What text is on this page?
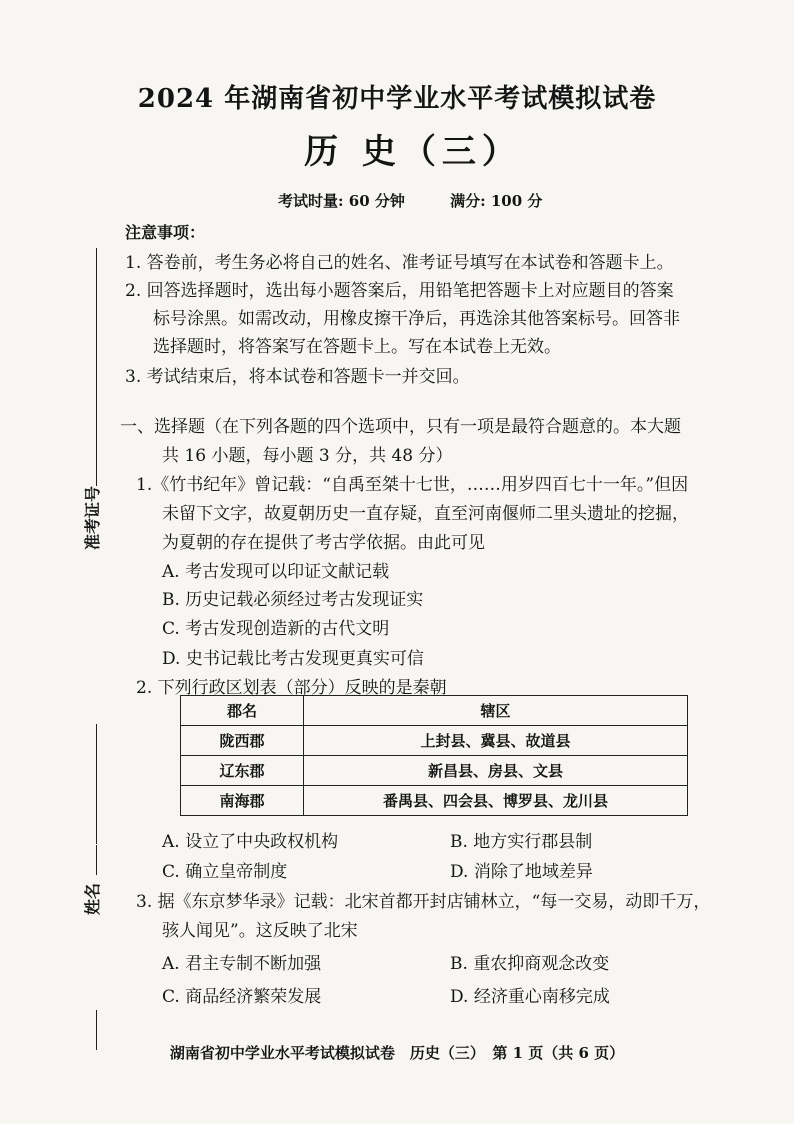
2024 年湖南省初中学业水平考试模拟试卷
历 史（三）
考试时量: 60 分钟	满分: 100 分
准考证号
姓名
注意事项：
1. 答卷前，考生务必将自己的姓名、准考证号填写在本试卷和答题卡上。
2. 回答选择题时，选出每小题答案后，用铅笔把答题卡上对应题目的答案
标号涂黑。如需改动，用橡皮擦干净后，再选涂其他答案标号。回答非
选择题时，将答案写在答题卡上。写在本试卷上无效。
3. 考试结束后，将本试卷和答题卡一并交回。
一、选择题（在下列各题的四个选项中，只有一项是最符合题意的。本大题
共 16 小题，每小题 3 分，共 48 分）
1.《竹书纪年》曾记载：“自禹至桀十七世，……用岁四百七十一年。”但因
未留下文字，故夏朝历史一直存疑，直至河南偃师二里头遗址的挖掘，
为夏朝的存在提供了考古学依据。由此可见
A. 考古发现可以印证文献记载
B. 历史记载必须经过考古发现证实
C. 考古发现创造新的古代文明
D. 史书记载比考古发现更真实可信
2. 下列行政区划表（部分）反映的是秦朝
郡名	辖区
陇西郡	上封县、冀县、故道县
辽东郡	新昌县、房县、文县
南海郡	番禺县、四会县、博罗县、龙川县
A. 设立了中央政权机构	B. 地方实行郡县制
C. 确立皇帝制度	D. 消除了地域差异
3. 据《东京梦华录》记载：北宋首都开封店铺林立，“每一交易，动即千万，
骇人闻见”。这反映了北宋
A. 君主专制不断加强	B. 重农抑商观念改变
C. 商品经济繁荣发展	D. 经济重心南移完成
湖南省初中学业水平考试模拟试卷　历史（三）　第 1 页（共 6 页）
